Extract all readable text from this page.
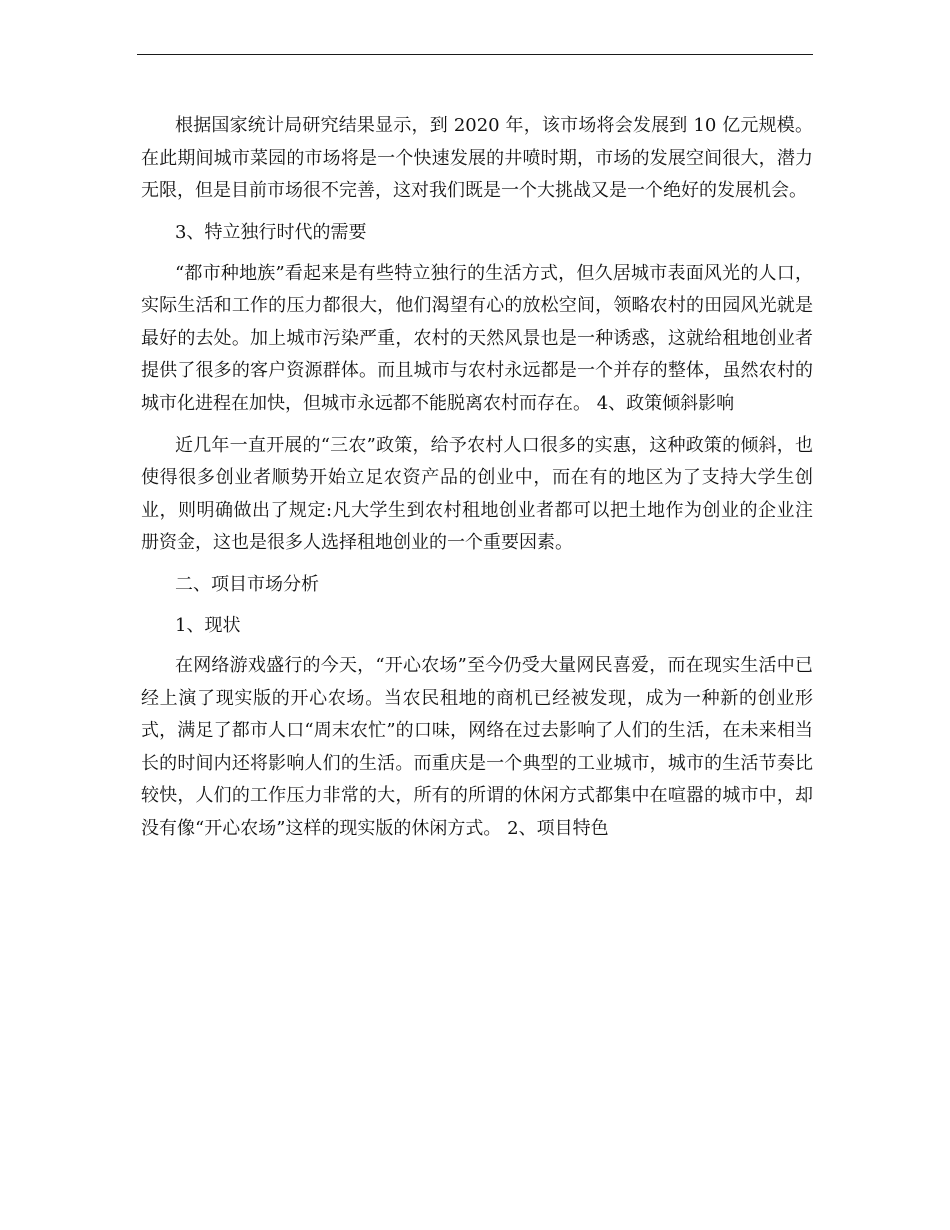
根据国家统计局研究结果显示，到 2020 年，该市场将会发展到 10 亿元规模。在此期间城市菜园的市场将是一个快速发展的井喷时期，市场的发展空间很大，潜力无限，但是目前市场很不完善，这对我们既是一个大挑战又是一个绝好的发展机会。

3、特立独行时代的需要

“都市种地族”看起来是有些特立独行的生活方式，但久居城市表面风光的人口，实际生活和工作的压力都很大，他们渴望有心的放松空间，领略农村的田园风光就是最好的去处。加上城市污染严重，农村的天然风景也是一种诱惑，这就给租地创业者提供了很多的客户资源群体。而且城市与农村永远都是一个并存的整体，虽然农村的城市化进程在加快，但城市永远都不能脱离农村而存在。 4、政策倾斜影响

近几年一直开展的“三农”政策，给予农村人口很多的实惠，这种政策的倾斜，也使得很多创业者顺势开始立足农资产品的创业中，而在有的地区为了支持大学生创业，则明确做出了规定:凡大学生到农村租地创业者都可以把土地作为创业的企业注册资金，这也是很多人选择租地创业的一个重要因素。

二、项目市场分析

1、现状

在网络游戏盛行的今天，“开心农场”至今仍受大量网民喜爱，而在现实生活中已经上演了现实版的开心农场。当农民租地的商机已经被发现，成为一种新的创业形式，满足了都市人口“周末农忙”的口味，网络在过去影响了人们的生活，在未来相当长的时间内还将影响人们的生活。而重庆是一个典型的工业城市，城市的生活节奏比较快，人们的工作压力非常的大，所有的所谓的休闲方式都集中在喧嚣的城市中，却没有像“开心农场”这样的现实版的休闲方式。 2、项目特色
